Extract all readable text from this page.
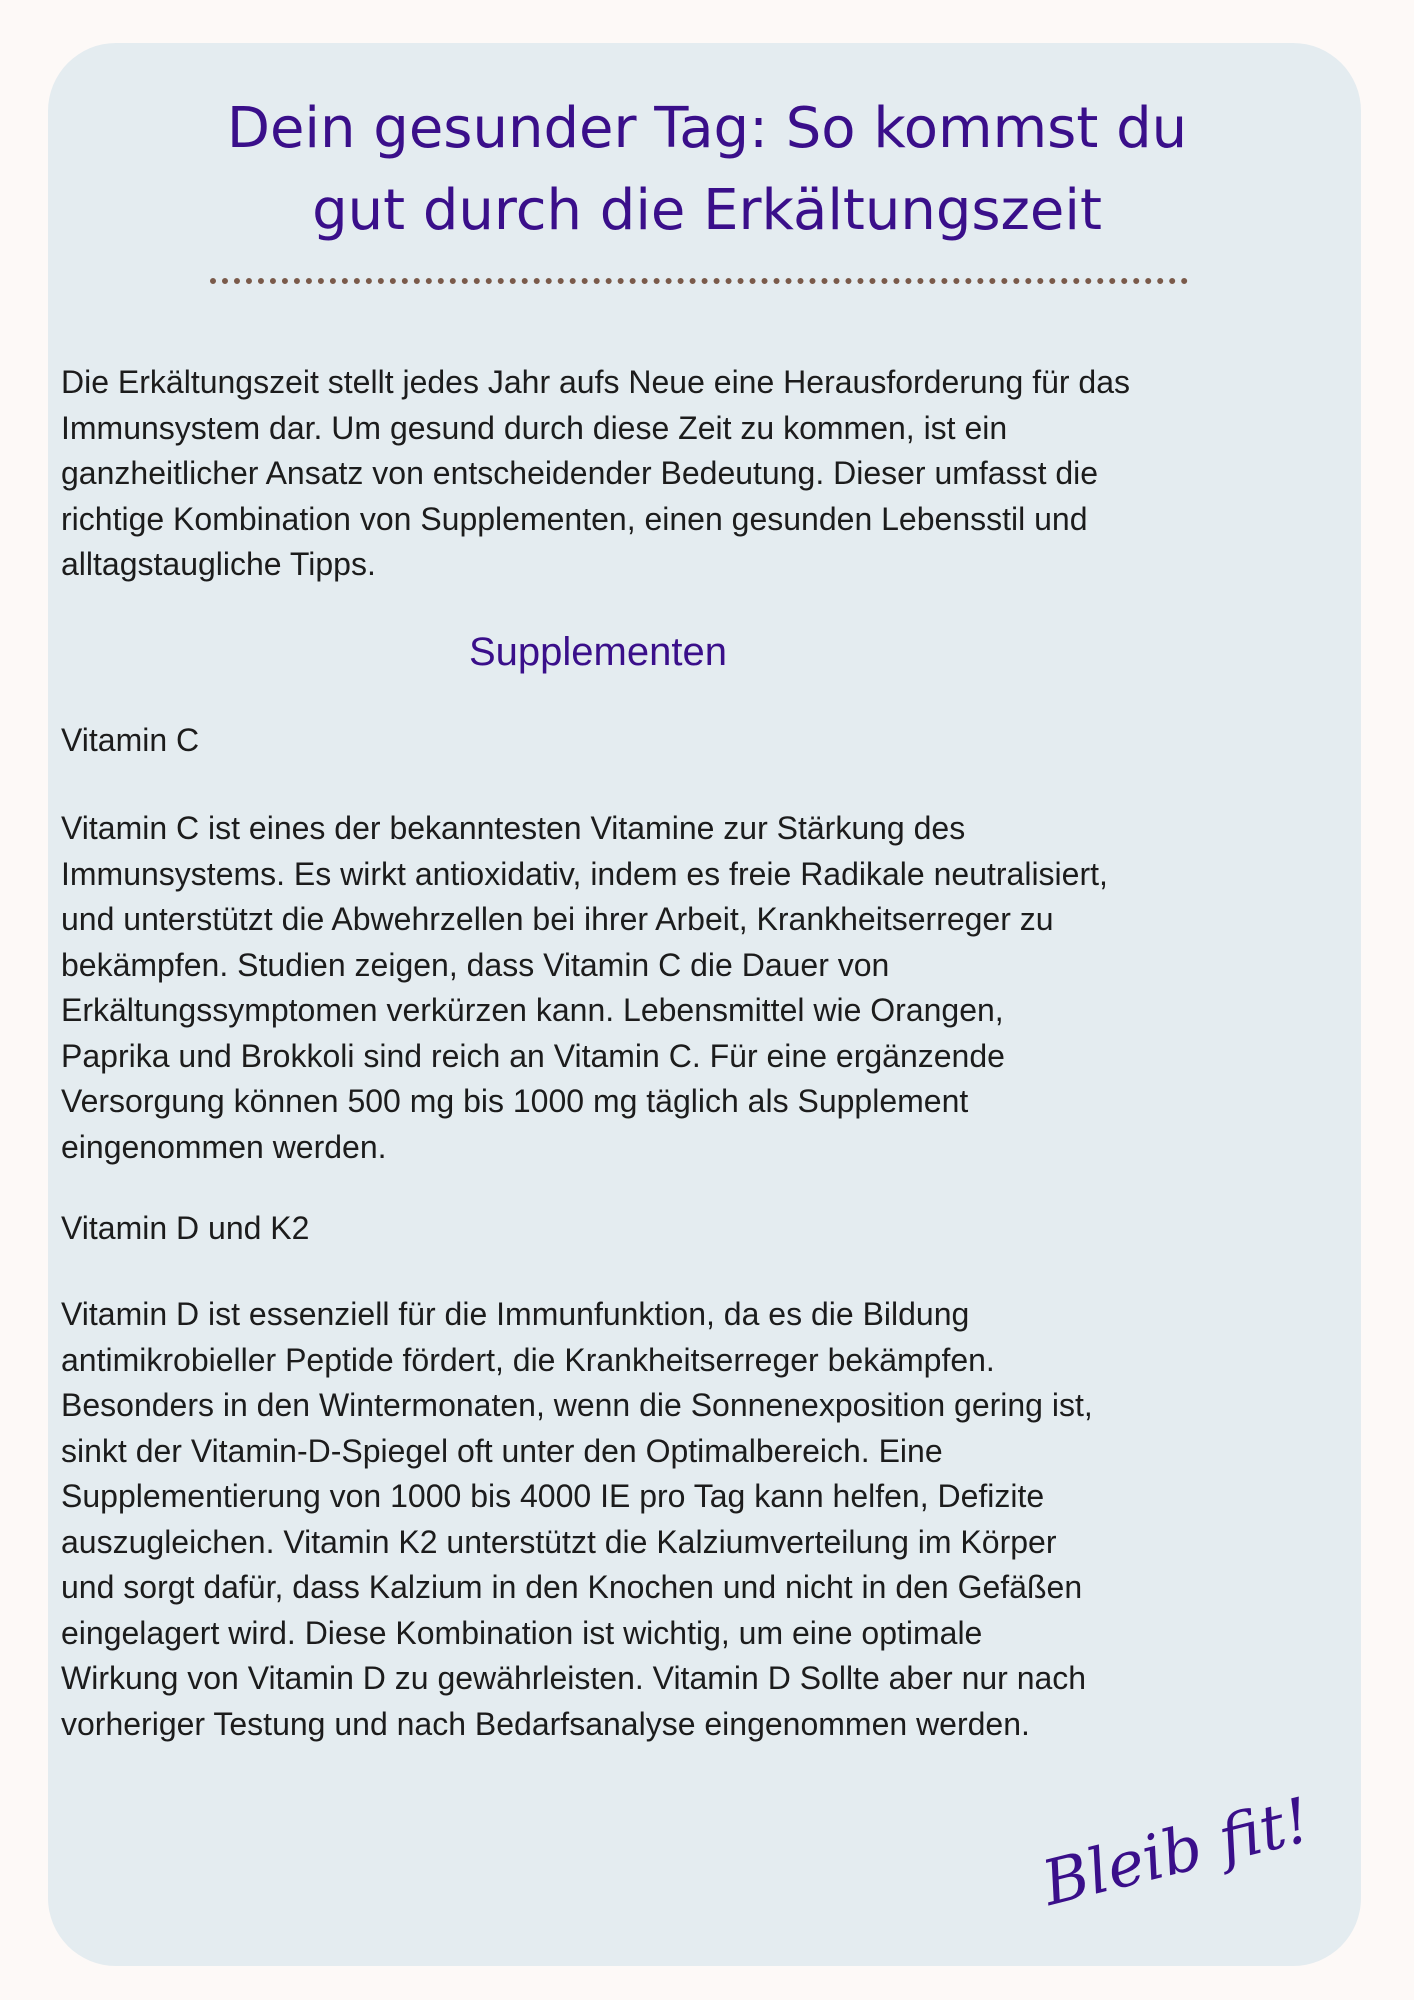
Dein gesunder Tag: So kommst du
gut durch die Erkältungszeit
Die Erkältungszeit stellt jedes Jahr aufs Neue eine Herausforderung für das
Immunsystem dar. Um gesund durch diese Zeit zu kommen, ist ein
ganzheitlicher Ansatz von entscheidender Bedeutung. Dieser umfasst die
richtige Kombination von Supplementen, einen gesunden Lebensstil und
alltagstaugliche Tipps.
Supplementen
Vitamin C
Vitamin C ist eines der bekanntesten Vitamine zur Stärkung des
Immunsystems. Es wirkt antioxidativ, indem es freie Radikale neutralisiert,
und unterstützt die Abwehrzellen bei ihrer Arbeit, Krankheitserreger zu
bekämpfen. Studien zeigen, dass Vitamin C die Dauer von
Erkältungssymptomen verkürzen kann. Lebensmittel wie Orangen,
Paprika und Brokkoli sind reich an Vitamin C. Für eine ergänzende
Versorgung können 500 mg bis 1000 mg täglich als Supplement
eingenommen werden.
Vitamin D und K2
Vitamin D ist essenziell für die Immunfunktion, da es die Bildung
antimikrobieller Peptide fördert, die Krankheitserreger bekämpfen.
Besonders in den Wintermonaten, wenn die Sonnenexposition gering ist,
sinkt der Vitamin-D-Spiegel oft unter den Optimalbereich. Eine
Supplementierung von 1000 bis 4000 IE pro Tag kann helfen, Defizite
auszugleichen. Vitamin K2 unterstützt die Kalziumverteilung im Körper
und sorgt dafür, dass Kalzium in den Knochen und nicht in den Gefäßen
eingelagert wird. Diese Kombination ist wichtig, um eine optimale
Wirkung von Vitamin D zu gewährleisten. Vitamin D Sollte aber nur nach
vorheriger Testung und nach Bedarfsanalyse eingenommen werden.
Bleib fit!
